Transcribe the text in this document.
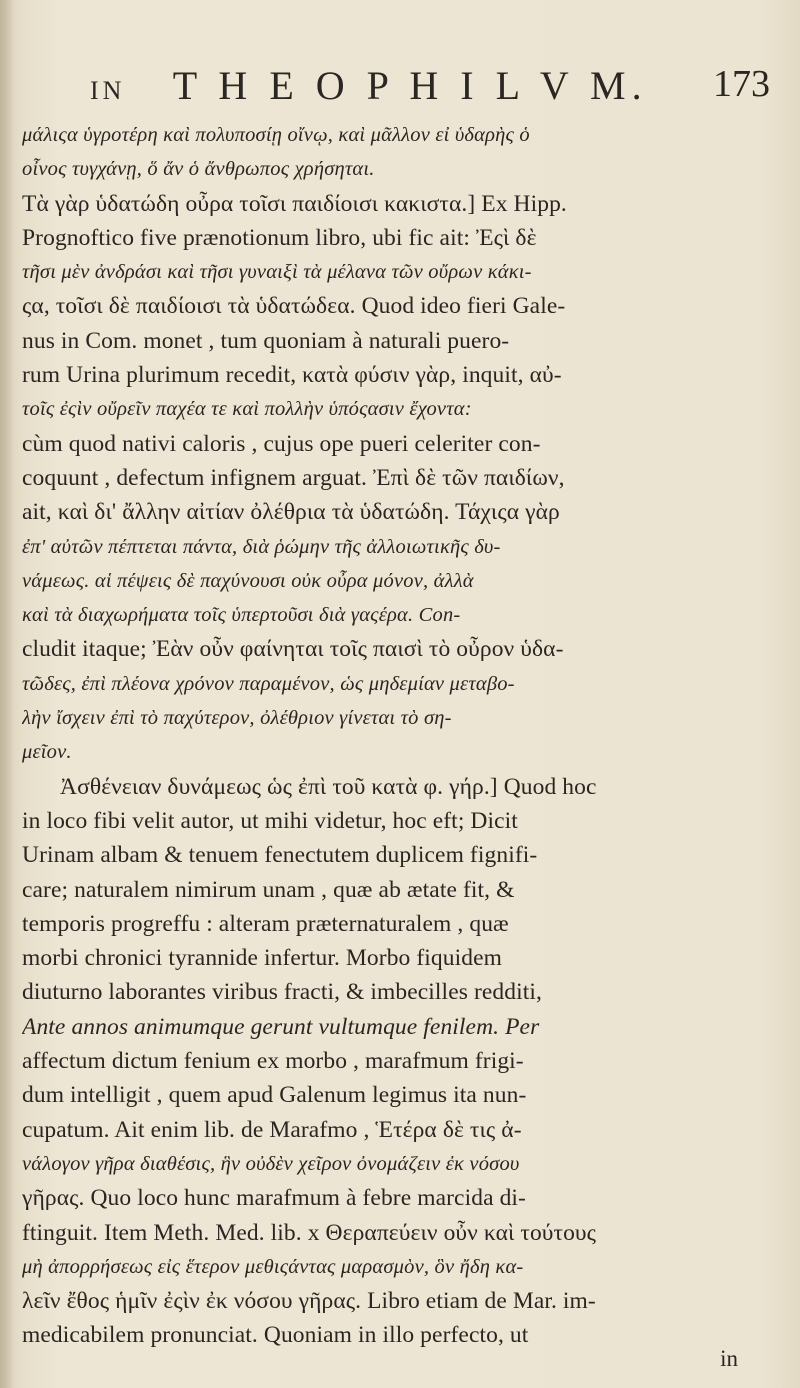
IN T H E O P H I L V M. 173
μάλιςα ὑγροτέρη καὶ πολυποσίῃ οἴνῳ, καὶ μᾶλλον εἰ ὑδαρὴς ὁ
οἶνος τυγχάνῃ, ὅ ἄν ὁ ἄνθρωπος χρήσηται.
Τὰ γὰρ ὑδατώδη οὖρα τοῖσι παιδίοισι κακιστα.] Ex Hipp.
Prognoftico five prænotionum libro, ubi fic ait: Ἐςὶ δὲ
τῆσι μὲν ἀνδράσι καὶ τῆσι γυναιξὶ τὰ μέλανα τῶν οὔρων κάκι-
ςα, τοῖσι δὲ παιδίοισι τὰ ὑδατώδεα. Quod ideo fieri Gale-
nus in Com. monet , tum quoniam à naturali puero-
rum Urina plurimum recedit, κατὰ φύσιν γὰρ, inquit, αὐ-
τοῖς ἐςὶν οὔρεῖν παχέα τε καὶ πολλὴν ὑπόςασιν ἔχοντα:
cùm quod nativi caloris , cujus ope pueri celeriter con-
coquunt , defectum infignem arguat. Ἐπὶ δὲ τῶν παιδίων,
ait, καὶ δι' ἄλλην αἰτίαν ὀλέθρια τὰ ὑδατώδη. Τάχιςα γὰρ
ἐπ' αὐτῶν πέπτεται πάντα, διὰ ῥώμην τῆς ἀλλοιωτικῆς δυ-
νάμεως. αἱ πέψεις δὲ παχύνουσι οὐκ οὖρα μόνον, ἀλλὰ
καὶ τὰ διαχωρήματα τοῖς ὑπερτοῦσι διὰ γαςέρα. Con-
cludit itaque; Ἐὰν οὖν φαίνηται τοῖς παισὶ τὸ οὖρον ὑδα-
τῶδες, ἐπὶ πλέονα χρόνον παραμένον, ὡς μηδεμίαν μεταβο-
λὴν ἴσχειν ἐπὶ τὸ παχύτερον, ὀλέθριον γίνεται τὸ ση-
μεῖον.
Ἀσθένειαν δυνάμεως ὡς ἐπὶ τοῦ κατὰ φ. γήρ.] Quod hoc
in loco fibi velit autor, ut mihi videtur, hoc eft; Dicit
Urinam albam & tenuem fenectutem duplicem fignifi-
care; naturalem nimirum unam , quæ ab ætate fit, &
temporis progreffu : alteram præternaturalem , quæ
morbi chronici tyrannide infertur. Morbo fiquidem
diuturno laborantes viribus fracti, & imbecilles redditi,
Ante annos animumque gerunt vultumque fenilem. Per
affectum dictum fenium ex morbo , marafmum frigi-
dum intelligit , quem apud Galenum legimus ita nun-
cupatum. Ait enim lib. de Marafmo , Ἑτέρα δὲ τις ἀ-
νάλογον γῆρα διαθέσις, ἣν οὐδὲν χεῖρον ὀνομάζειν ἐκ νόσου
γῆρας. Quo loco hunc marafmum à febre marcida di-
ftinguit. Item Meth. Med. lib. x Θεραπεύειν οὖν καὶ τούτους
μὴ ἀπορρήσεως εἰς ἕτερον μεθιςάντας μαρασμὸν, ὃν ἤδη κα-
λεῖν ἔθος ἡμῖν ἐςὶν ἐκ νόσου γῆρας. Libro etiam de Mar. im-
medicabilem pronunciat. Quoniam in illo perfecto, ut
in
